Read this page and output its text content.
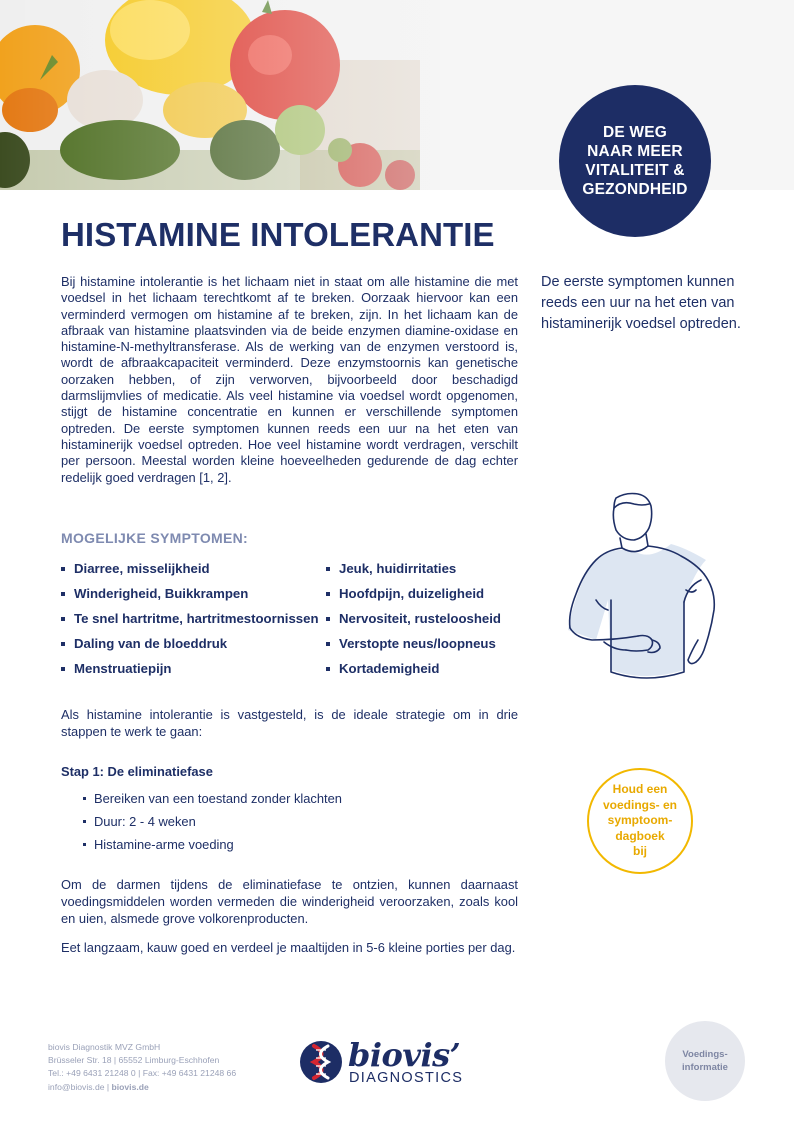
DE WEG
NAAR MEER
VITALITEIT &
GEZONDHEID
HISTAMINE INTOLERANTIE

Bij histamine intolerantie is het lichaam niet in staat om alle histamine die met voedsel in het lichaam terechtkomt af te breken. Oorzaak hiervoor kan een verminderd vermogen om histamine af te breken, zijn. In het lichaam kan de afbraak van histamine plaatsvinden via de beide enzymen diamine-oxidase en histamine-N-methyltransferase. Als de werking van de enzymen verstoord is, wordt de afbraakcapaciteit verminderd. Deze enzymstoornis kan genetische oorzaken hebben, of zijn verworven, bijvoorbeeld door beschadigd darmslijmvlies of medicatie. Als veel histamine via voedsel wordt opgenomen, stijgt de histamine concentratie en kunnen er verschillende symptomen optreden. De eerste symptomen kunnen reeds een uur na het eten van histaminerijk voedsel optreden. Hoe veel histamine wordt verdragen, verschilt per persoon. Meestal worden kleine hoeveelheden gedurende de dag echter redelijk goed verdragen [1, 2].

De eerste symptomen kunnen reeds een uur na het eten van histaminerijk voedsel optreden.

MOGELIJKE SYMPTOMEN:
Diarree, misselijkheid
Winderigheid, Buikkrampen
Te snel hartritme, hartritmestoornissen
Daling van de bloeddruk
Menstruatiepijn
Jeuk, huidirritaties
Hoofdpijn, duizeligheid
Nervositeit, rusteloosheid
Verstopte neus/loopneus
Kortademigheid

Als histamine intolerantie is vastgesteld, is de ideale strategie om in drie stappen te werk te gaan:

Stap 1: De eliminatiefase

Bereiken van een toestand zonder klachten
Duur: 2 - 4 weken
Histamine-arme voeding
Houd een
voedings- en
symptoom-
dagboek
bij

Om de darmen tijdens de eliminatiefase te ontzien, kunnen daarnaast voedingsmiddelen worden vermeden die winderigheid veroorzaken, zoals kool en uien, alsmede grove volkorenproducten.

Eet langzaam, kauw goed en verdeel je maaltijden in 5-6 kleine porties per dag.

biovis Diagnostik MVZ GmbH
Brüsseler Str. 18 | 65552 Limburg-Eschhofen
Tel.: +49 6431 21248 0 | Fax: +49 6431 21248 66
info@biovis.de | biovis.de
biovis’
DIAGNOSTICS
Voedings-
informatie
